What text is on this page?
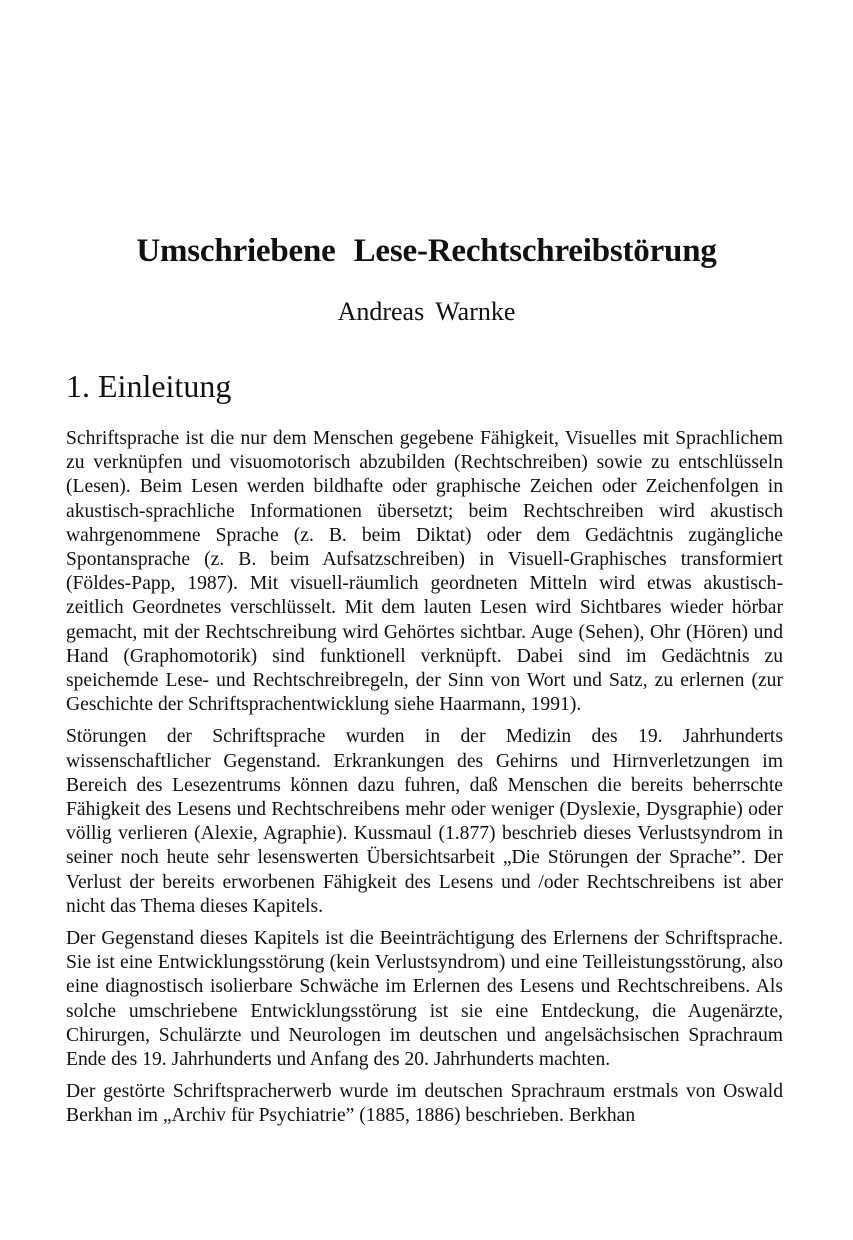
Umschriebene Lese-Rechtschreibstörung
Andreas Warnke
1. Einleitung

Schriftsprache ist die nur dem Menschen gegebene Fähigkeit, Visuelles mit Sprachlichem zu verknüpfen und visuomotorisch abzubilden (Rechtschreiben) sowie zu entschlüsseln (Lesen). Beim Lesen werden bildhafte oder graphische Zeichen oder Zeichenfolgen in akustisch-sprachliche Informationen übersetzt; beim Rechtschreiben wird akustisch wahrgenommene Sprache (z. B. beim Diktat) oder dem Gedächtnis zugängliche Spontansprache (z. B. beim Aufsatzschreiben) in Visuell-Graphisches transformiert (Földes-Papp, 1987). Mit visuell-räumlich geordneten Mitteln wird etwas akustisch-zeitlich Geordnetes verschlüsselt. Mit dem lauten Lesen wird Sichtbares wieder hörbar gemacht, mit der Rechtschreibung wird Gehörtes sichtbar. Auge (Sehen), Ohr (Hören) und Hand (Graphomotorik) sind funktionell verknüpft. Dabei sind im Gedächtnis zu speichemde Lese- und Rechtschreibregeln, der Sinn von Wort und Satz, zu erlernen (zur Geschichte der Schriftsprachentwicklung siehe Haarmann, 1991).

Störungen der Schriftsprache wurden in der Medizin des 19. Jahrhunderts wissenschaftlicher Gegenstand. Erkrankungen des Gehirns und Hirnverletzungen im Bereich des Lesezentrums können dazu fuhren, daß Menschen die bereits beherrschte Fähigkeit des Lesens und Rechtschreibens mehr oder weniger (Dyslexie, Dysgraphie) oder völlig verlieren (Alexie, Agraphie). Kussmaul (1.877) beschrieb dieses Verlustsyndrom in seiner noch heute sehr lesenswerten Übersichtsarbeit „Die Störungen der Sprache”. Der Verlust der bereits erworbenen Fähigkeit des Lesens und /oder Rechtschreibens ist aber nicht das Thema dieses Kapitels.

Der Gegenstand dieses Kapitels ist die Beeinträchtigung des Erlernens der Schriftsprache. Sie ist eine Entwicklungsstörung (kein Verlustsyndrom) und eine Teilleistungsstörung, also eine diagnostisch isolierbare Schwäche im Erlernen des Lesens und Rechtschreibens. Als solche umschriebene Entwicklungsstörung ist sie eine Entdeckung, die Augenärzte, Chirurgen, Schulärzte und Neurologen im deutschen und angelsächsischen Sprachraum Ende des 19. Jahrhunderts und Anfang des 20. Jahrhunderts machten.

Der gestörte Schriftspracherwerb wurde im deutschen Sprachraum erstmals von Oswald Berkhan im „Archiv für Psychiatrie” (1885, 1886) beschrieben. Berkhan
